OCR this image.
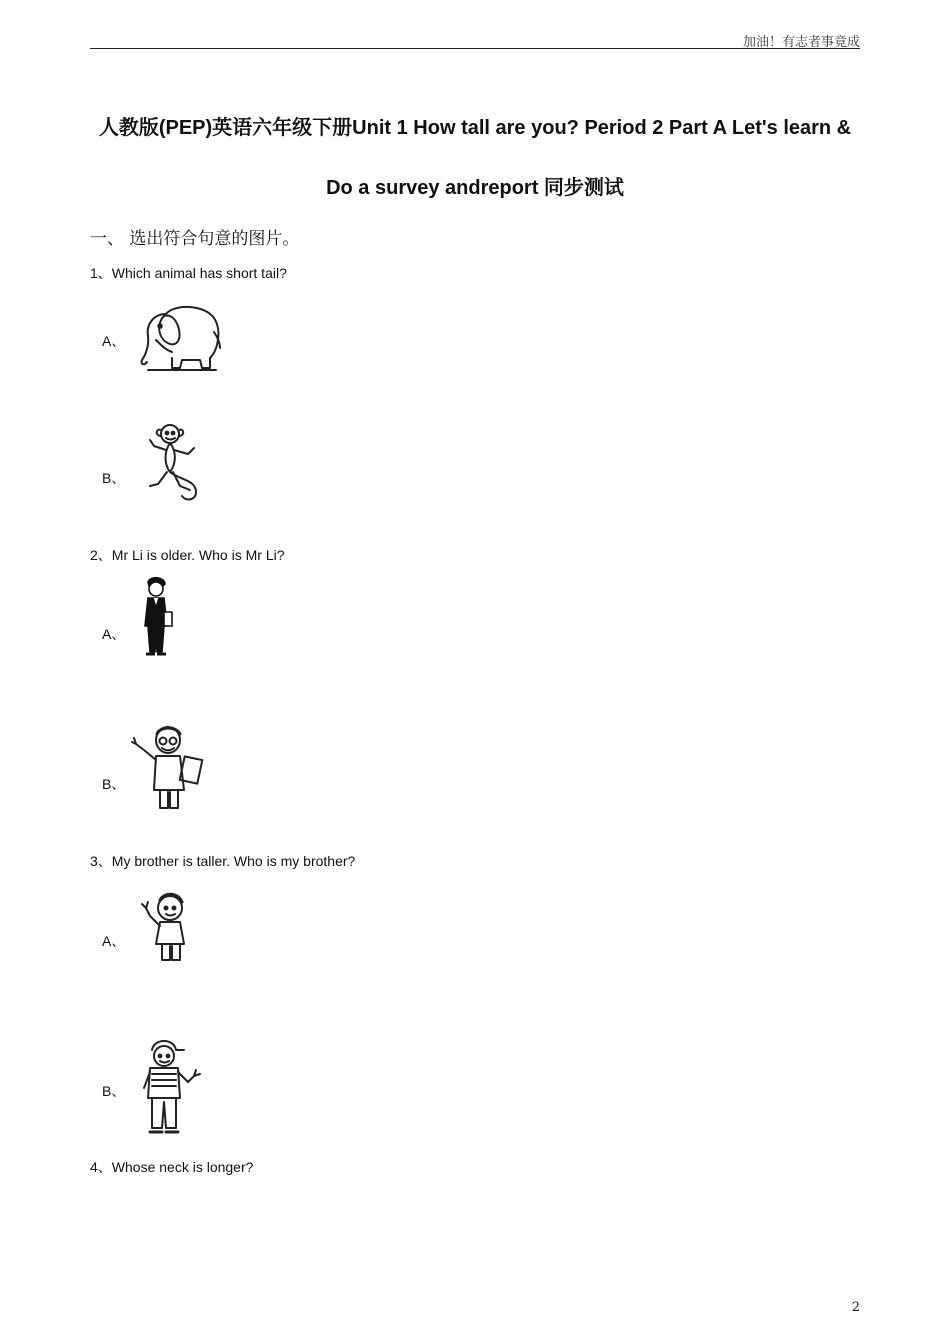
加油！有志者事竟成
人教版(PEP)英语六年级下册Unit 1 How tall are you? Period 2 Part A Let's learn &
Do a survey andreport 同步测试
一、 选出符合句意的图片。
1、Which animal has short tail?
A、
B、
2、Mr Li is older. Who is Mr Li?
A、
B、
3、My brother is taller. Who is my brother?
A、
B、
4、Whose neck is longer?
2
